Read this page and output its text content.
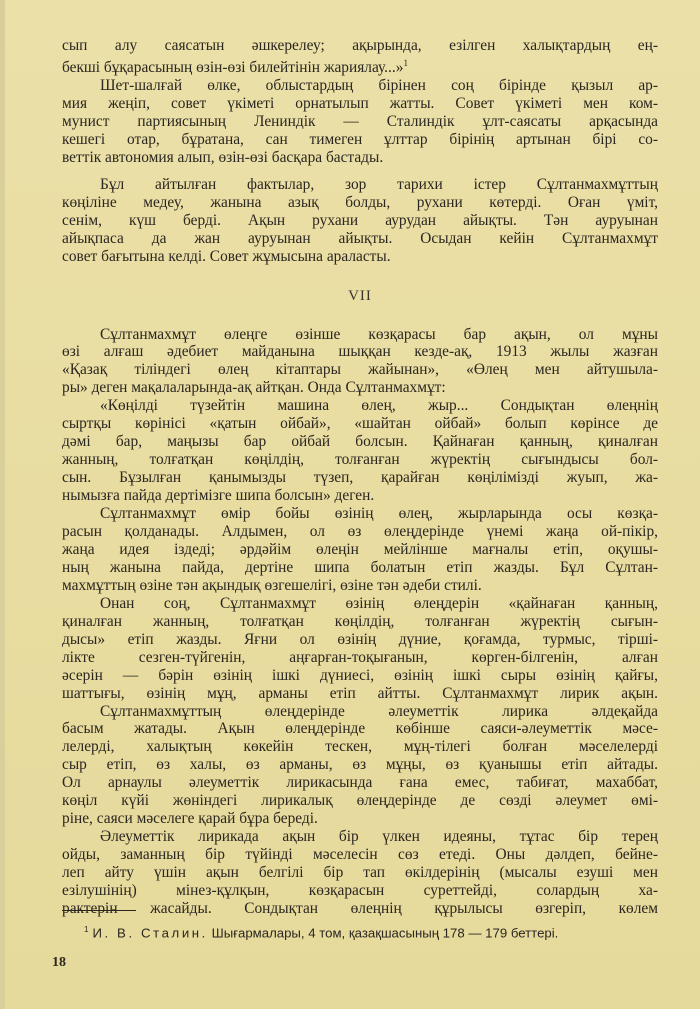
сып алу саясатын әшкерелеу; ақырында, езілген халықтардың ең-
бекші бұқарасының өзін-өзі билейтінін жариялау...»$^1$
Шет-шалғай өлке, облыстардың бірінен соң бірінде қызыл ар-
мия жеңіп, совет үкіметі орнатылып жатты. Совет үкіметі мен ком-
мунист партиясының Лениндік — Сталиндік ұлт-саясаты арқасында
кешегі отар, бұратана, сан тимеген ұлттар бірінің артынан бірі со-
веттік автономия алып, өзін-өзі басқара бастады.

Бұл айтылған фактылар, зор тарихи істер Сұлтанмахмұттың
көңіліне медеу, жанына азық болды, рухани көтерді. Оған үміт,
сенім, күш берді. Ақын рухани аурудан айықты. Тән ауруынан
айықпаса да жан ауруынан айықты. Осыдан кейін Сұлтанмахмұт
совет бағытына келді. Совет жұмысына араласты.

VII

Сұлтанмахмұт өлеңге өзінше көзқарасы бар ақын, ол мұны
өзі алғаш әдебиет майданына шыққан кезде-ақ, 1913 жылы жазған
«Қазақ тіліндегі өлең кітаптары жайынан», «Өлең мен айтушыла-
ры» деген мақалаларында-ақ айтқан. Онда Сұлтанмахмұт:

«Көңілді түзейтін машина өлең, жыр... Сондықтан өлеңнің
сыртқы көрінісі «қатын ойбай», «шайтан ойбай» болып көрінсе де
дәмі бар, маңызы бар ойбай болсын. Қайнаған қанның, қиналған
жанның, толғатқан көңілдің, толғанған жүректің сығындысы бол-
сын. Бұзылған қанымызды түзеп, қарайған көңілімізді жуып, жа-
нымызға пайда дертімізге шипа болсын» деген.

Сұлтанмахмұт өмір бойы өзінің өлең, жырларында осы көзқа-
расын қолданады. Алдымен, ол өз өлеңдерінде үнемі жаңа ой-пікір,
жаңа идея іздеді; әрдәйім өлеңін мейлінше мағналы етіп, оқушы-
ның жанына пайда, дертіне шипа болатын етіп жазды. Бұл Сұлтан-
махмұттың өзіне тән ақындық өзгешелігі, өзіне тән әдеби стилі.

Онан соң, Сұлтанмахмұт өзінің өлеңдерін «қайнаған қанның,
қиналған жанның, толғатқан көңілдің, толғанған жүректің сығын-
дысы» етіп жазды. Яғни ол өзінің дүние, қоғамда, турмыс, тірші-
лікте сезген-түйгенін, аңғарған-тоқығанын, көрген-білгенін, алған
әсерін — бәрін өзінің ішкі дүниесі, өзінің ішкі сыры өзінің қайғы,
шаттығы, өзінің мұң, арманы етіп айтты. Сұлтанмахмұт лирик ақын.

Сұлтанмахмұттың өлеңдерінде әлеуметтік лирика әлдеқайда
басым жатады. Ақын өлеңдерінде көбінше саяси-әлеуметтік мәсе-
лелерді, халықтың көкейін тескен, мұң-тілегі болған мәселелерді
сыр етіп, өз халы, өз арманы, өз мұңы, өз қуанышы етіп айтады.
Ол арнаулы әлеуметтік лирикасында ғана емес, табиғат, махаббат,
көңіл күйі жөніндегі лирикалық өлеңдерінде де сөзді әлеумет өмі-
ріне, саяси мәселеге қарай бұра береді.

Әлеуметтік лирикада ақын бір үлкен идеяны, тұтас бір терең
ойды, заманның бір түйінді мәселесін сөз етеді. Оны дәлдеп, бейне-
леп айту үшін ақын белгілі бір тап өкілдерінің (мысалы езуші мен
езілушінің) мінез-құлқын, көзқарасын суреттейді, солардың ха-
рактерін жасайды. Сондықтан өлеңнің құрылысы өзгеріп, көлем

$^1$ И. В. Сталин. Шығармалары, 4 том, қазақшасының 178 — 179 беттері.
18
